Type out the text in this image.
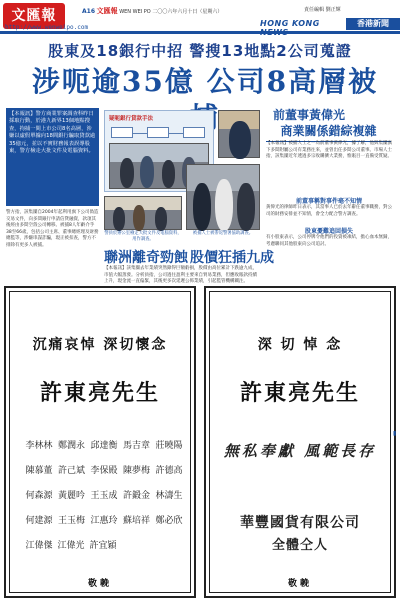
文匯報
http://www.wenweipo.com
A16 文匯報 WEN WEI PO 二〇〇六年六月十日（星期六）	責任編輯 劉正輝
HONG KONG	香港新聞
股東及18銀行中招 警搜13地點2公司蒐證
涉呃逾35億 公司8高層被
【本報訊】警方商業罪案調查科昨日採取行動，於港九新界13個地點搜查，拘捕一間上市公司8名高層，涉嫌以虛假單據向18間銀行騙取貸款逾35億元，並以不實財務報表誤導股東，警方檢走大批文件及電腦資料。
警方指，該集團自2004年起利用旗下公司偽造交易文件，向多間銀行申請信貸融資，款項其後經由多間空殼公司轉移。被捕8人年齡介乎38至66歲，包括公司主席、董事總經理及財務總監等，涉嫌串謀詐騙，現正被扣查，警方不排除有更多人被捕。
疑呃銀行貸款手法
警員於辦公室檢走大批文件及電腦資料，用作調查。
被捕人士被帶返警署協助調查。
前董事黃偉光
商業關係錯綜複雜
【本報訊】被捕人士之一為前董事黃偉光，據了解，他與集團旗下多間附屬公司有業務往來，並曾出任多間公司董事。市場人士指，該集團近年透過多宗收購擴大業務，惟賬目一直備受質疑。
前董事稱對事件毫不知情
黃偉光的律師昨日表示，其當事人已於去年辭任董事職務，對公司的財務安排並不知情，會全力配合警方調查。
股東憂難追回損失
有小股東表示，公司停牌令他們的投資被凍結，擔心血本無歸，考慮聯同其他股東向公司追討。
聯洲離奇勁蝕 股價狂插九成
【本報訊】該集團去年業績突然錄得巨額虧損，股價由高位累計下跌逾九成，市值大幅蒸發。分析員指，公司過往盈利主要來自貿易業務，但應收賬款持續上升，現金流一直偏緊，其後更多次延遲公佈業績，引起監管機構關注。
沉痛哀悼 深切懷念
許東亮先生
李林林 鄭潤永 邱達衡 馬吉章 莊曉陽
陳慕董 許己斌 李保殿 陳夢梅 許德高
何森源 黃麗吟 王玉成 許鍛金 林濤生
何建源 王玉梅 江惠玲 蘇培祥 鄭必欣
江偉傑 江偉光 許宜穎
敬輓
深 切 悼 念
許東亮先生
無私奉獻 風範長存
華豐國貨有限公司
全體仝人
敬輓
▮
